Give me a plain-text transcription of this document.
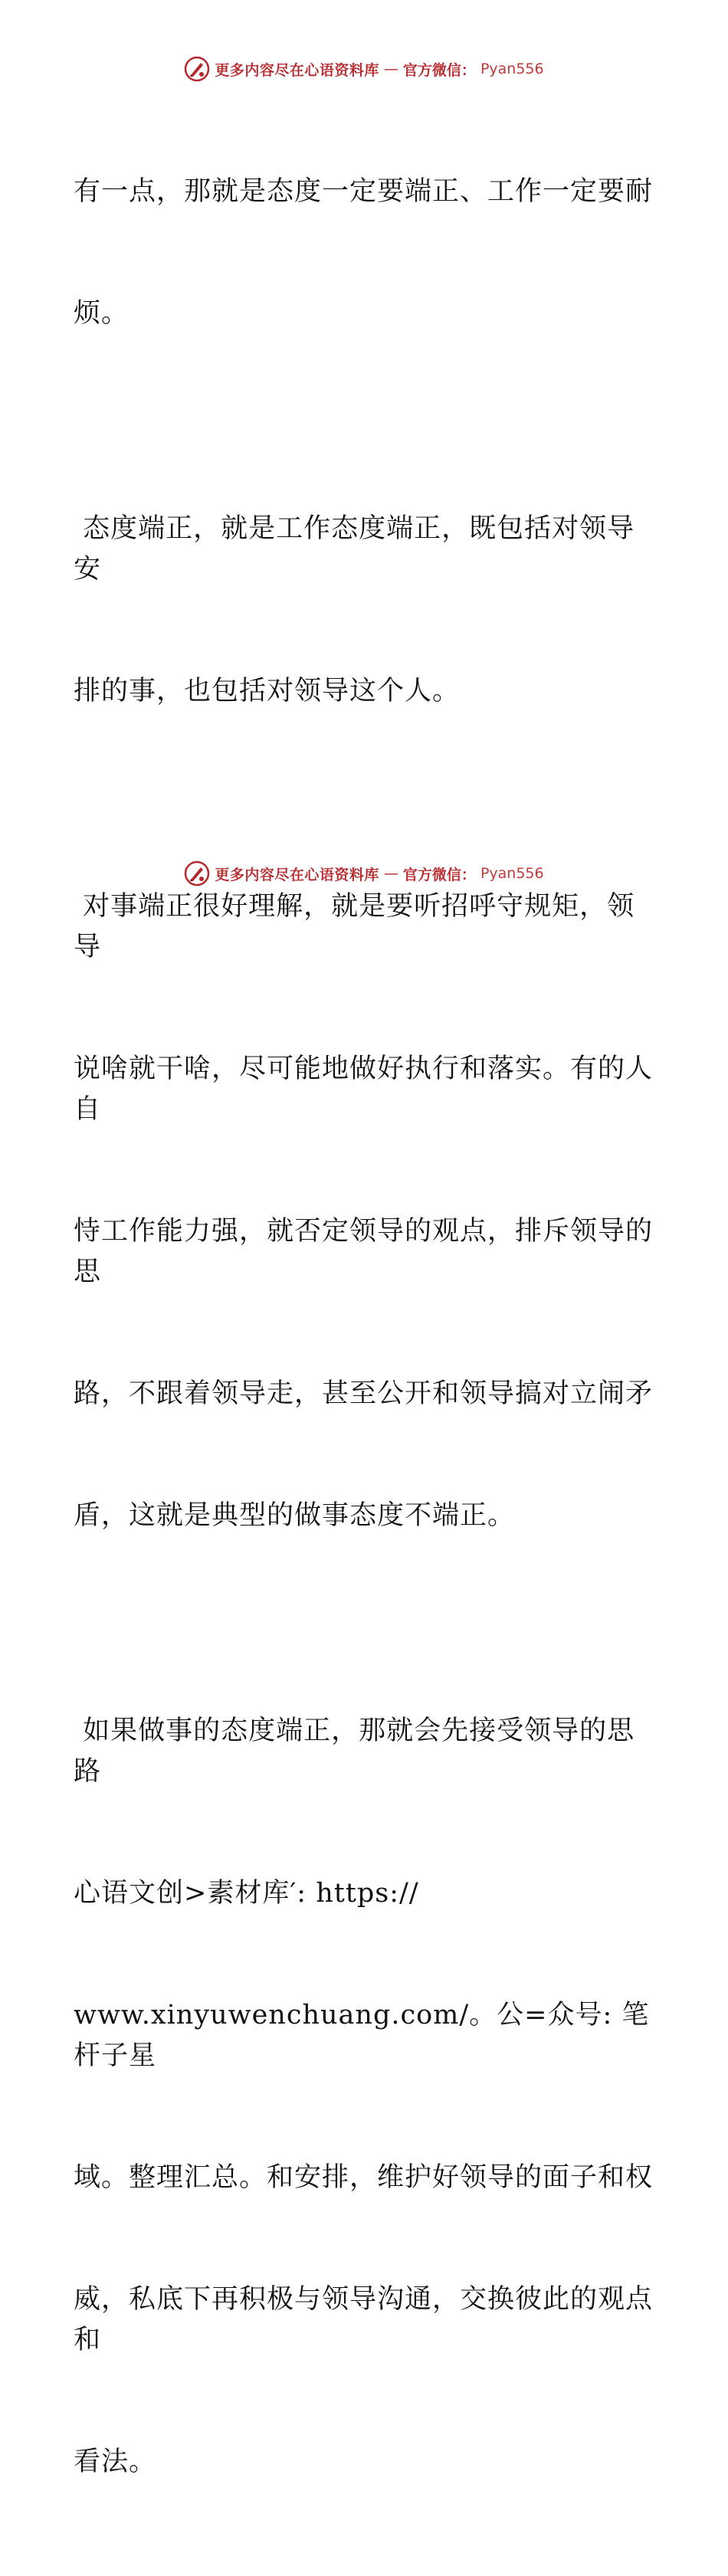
更多内容尽在心语资料库 — 官方微信： Pyan556

有一点，那就是态度一定要端正、工作一定要耐

烦。

态度端正，就是工作态度端正，既包括对领导安

排的事，也包括对领导这个人。

对事端正很好理解，就是要听招呼守规矩，领导

说啥就干啥，尽可能地做好执行和落实。有的人自

恃工作能力强，就否定领导的观点，排斥领导的思

路，不跟着领导走，甚至公开和领导搞对立闹矛

盾，这就是典型的做事态度不端正。

如果做事的态度端正，那就会先接受领导的思路

心语文创>素材库′: https://

www.xinyuwenchuang.com/。公=众号: 笔杆子星

域。整理汇总。和安排，维护好领导的面子和权

威，私底下再积极与领导沟通，交换彼此的观点和

看法。

更多内容尽在心语资料库 — 官方微信： Pyan556
